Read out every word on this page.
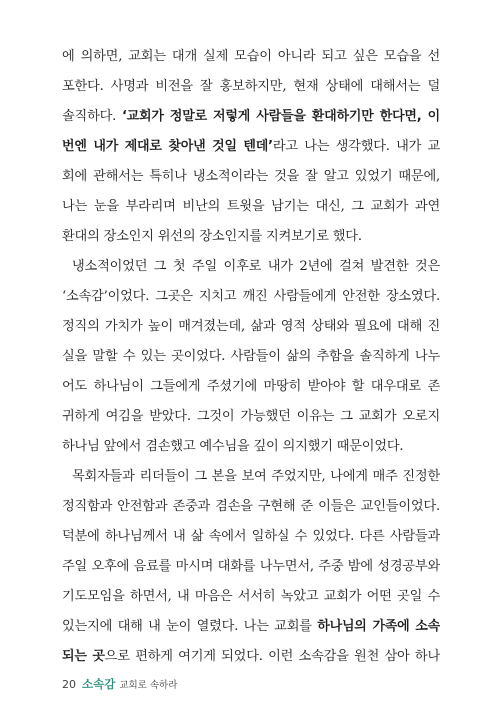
에 의하면, 교회는 대개 실제 모습이 아니라 되고 싶은 모습을 선
포한다. 사명과 비전을 잘 홍보하지만, 현재 상태에 대해서는 덜
솔직하다. ‘교회가 정말로 저렇게 사람들을 환대하기만 한다면, 이
번엔 내가 제대로 찾아낸 것일 텐데’라고 나는 생각했다. 내가 교
회에 관해서는 특히나 냉소적이라는 것을 잘 알고 있었기 때문에,
나는 눈을 부라리며 비난의 트윗을 남기는 대신, 그 교회가 과연
환대의 장소인지 위선의 장소인지를 지켜보기로 했다.
냉소적이었던 그 첫 주일 이후로 내가 2년에 걸쳐 발견한 것은
‘소속감’이었다. 그곳은 지치고 깨진 사람들에게 안전한 장소였다.
정직의 가치가 높이 매겨졌는데, 삶과 영적 상태와 필요에 대해 진
실을 말할 수 있는 곳이었다. 사람들이 삶의 추함을 솔직하게 나누
어도 하나님이 그들에게 주셨기에 마땅히 받아야 할 대우대로 존
귀하게 여김을 받았다. 그것이 가능했던 이유는 그 교회가 오로지
하나님 앞에서 겸손했고 예수님을 깊이 의지했기 때문이었다.
목회자들과 리더들이 그 본을 보여 주었지만, 나에게 매주 진정한
정직함과 안전함과 존중과 겸손을 구현해 준 이들은 교인들이었다.
덕분에 하나님께서 내 삶 속에서 일하실 수 있었다. 다른 사람들과
주일 오후에 음료를 마시며 대화를 나누면서, 주중 밤에 성경공부와
기도모임을 하면서, 내 마음은 서서히 녹았고 교회가 어떤 곳일 수
있는지에 대해 내 눈이 열렸다. 나는 교회를 하나님의 가족에 소속
되는 곳으로 편하게 여기게 되었다. 이런 소속감을 원천 삼아 하나
20 소속감 교회로 속하라
